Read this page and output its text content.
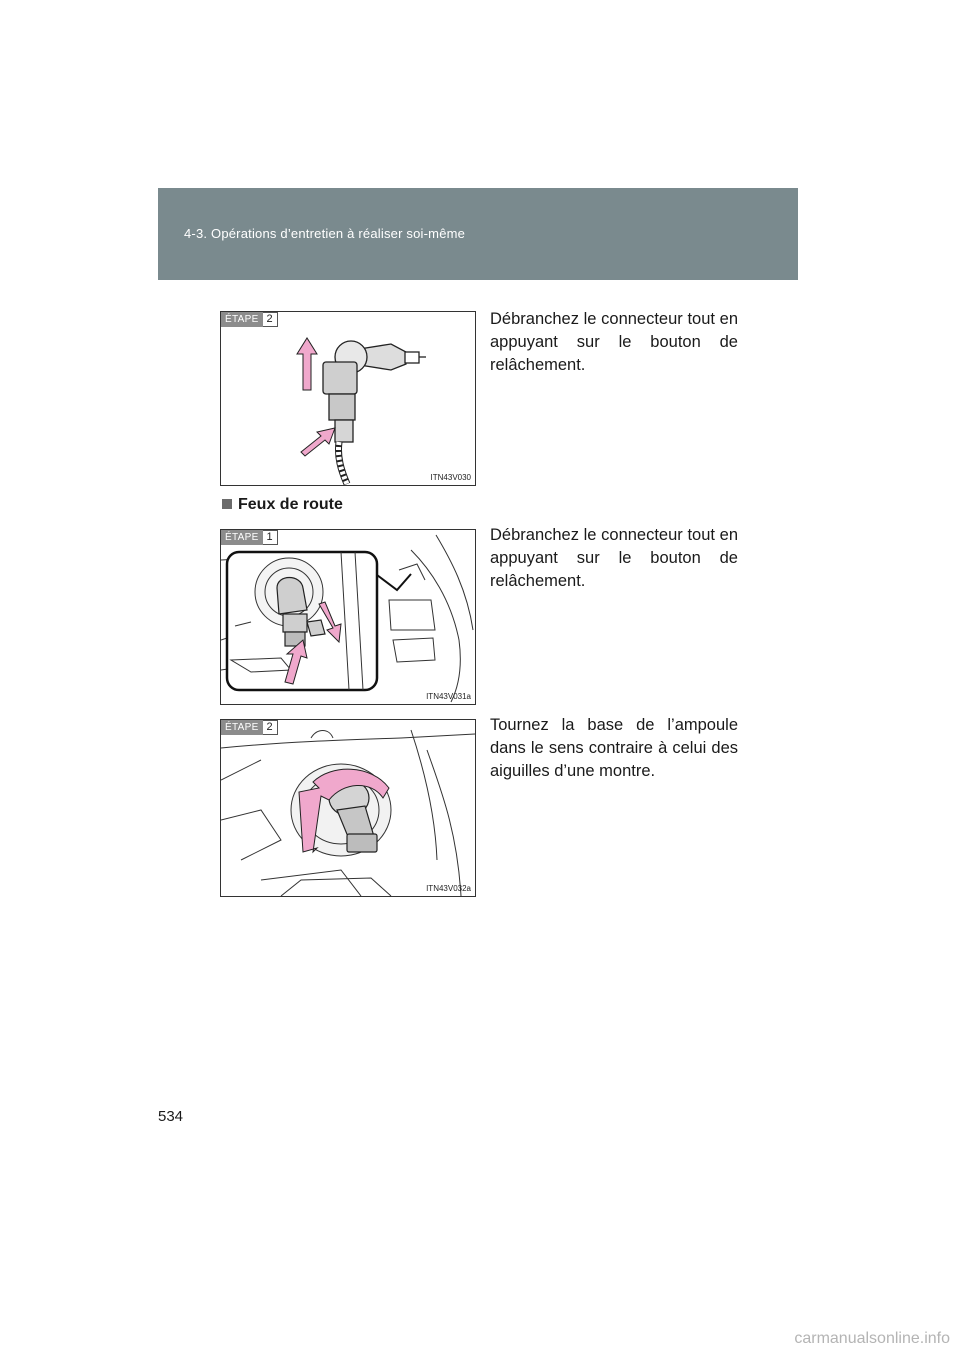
4-3. Opérations d’entretien à réaliser soi-même
ÉTAPE 2
ITN43V030
Débranchez le connecteur tout en appuyant sur le bouton de relâchement.
Feux de route
ÉTAPE 1
ITN43V031a
Débranchez le connecteur tout en appuyant sur le bouton de relâchement.
ÉTAPE 2
ITN43V032a
Tournez la base de l’ampoule dans le sens contraire à celui des aiguilles d’une montre.
534
carmanualsonline.info
